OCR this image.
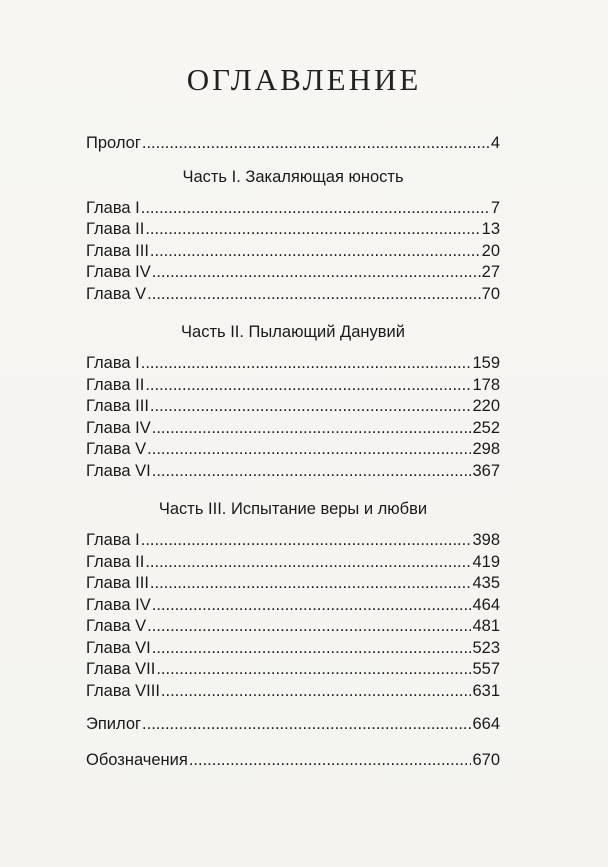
ОГЛАВЛЕНИЕ
Пролог .....	4
Часть I. Закаляющая юность
Глава I .....	7
Глава II .....	13
Глава III .....	20
Глава IV .....	27
Глава V .....	70
Часть II. Пылающий Данувий
Глава I .....	159
Глава II .....	178
Глава III .....	220
Глава IV .....	252
Глава V .....	298
Глава VI .....	367
Часть III. Испытание веры и любви
Глава I .....	398
Глава II .....	419
Глава III .....	435
Глава IV .....	464
Глава V .....	481
Глава VI .....	523
Глава VII .....	557
Глава VIII .....	631
Эпилог .....	664
Обозначения .....	670
